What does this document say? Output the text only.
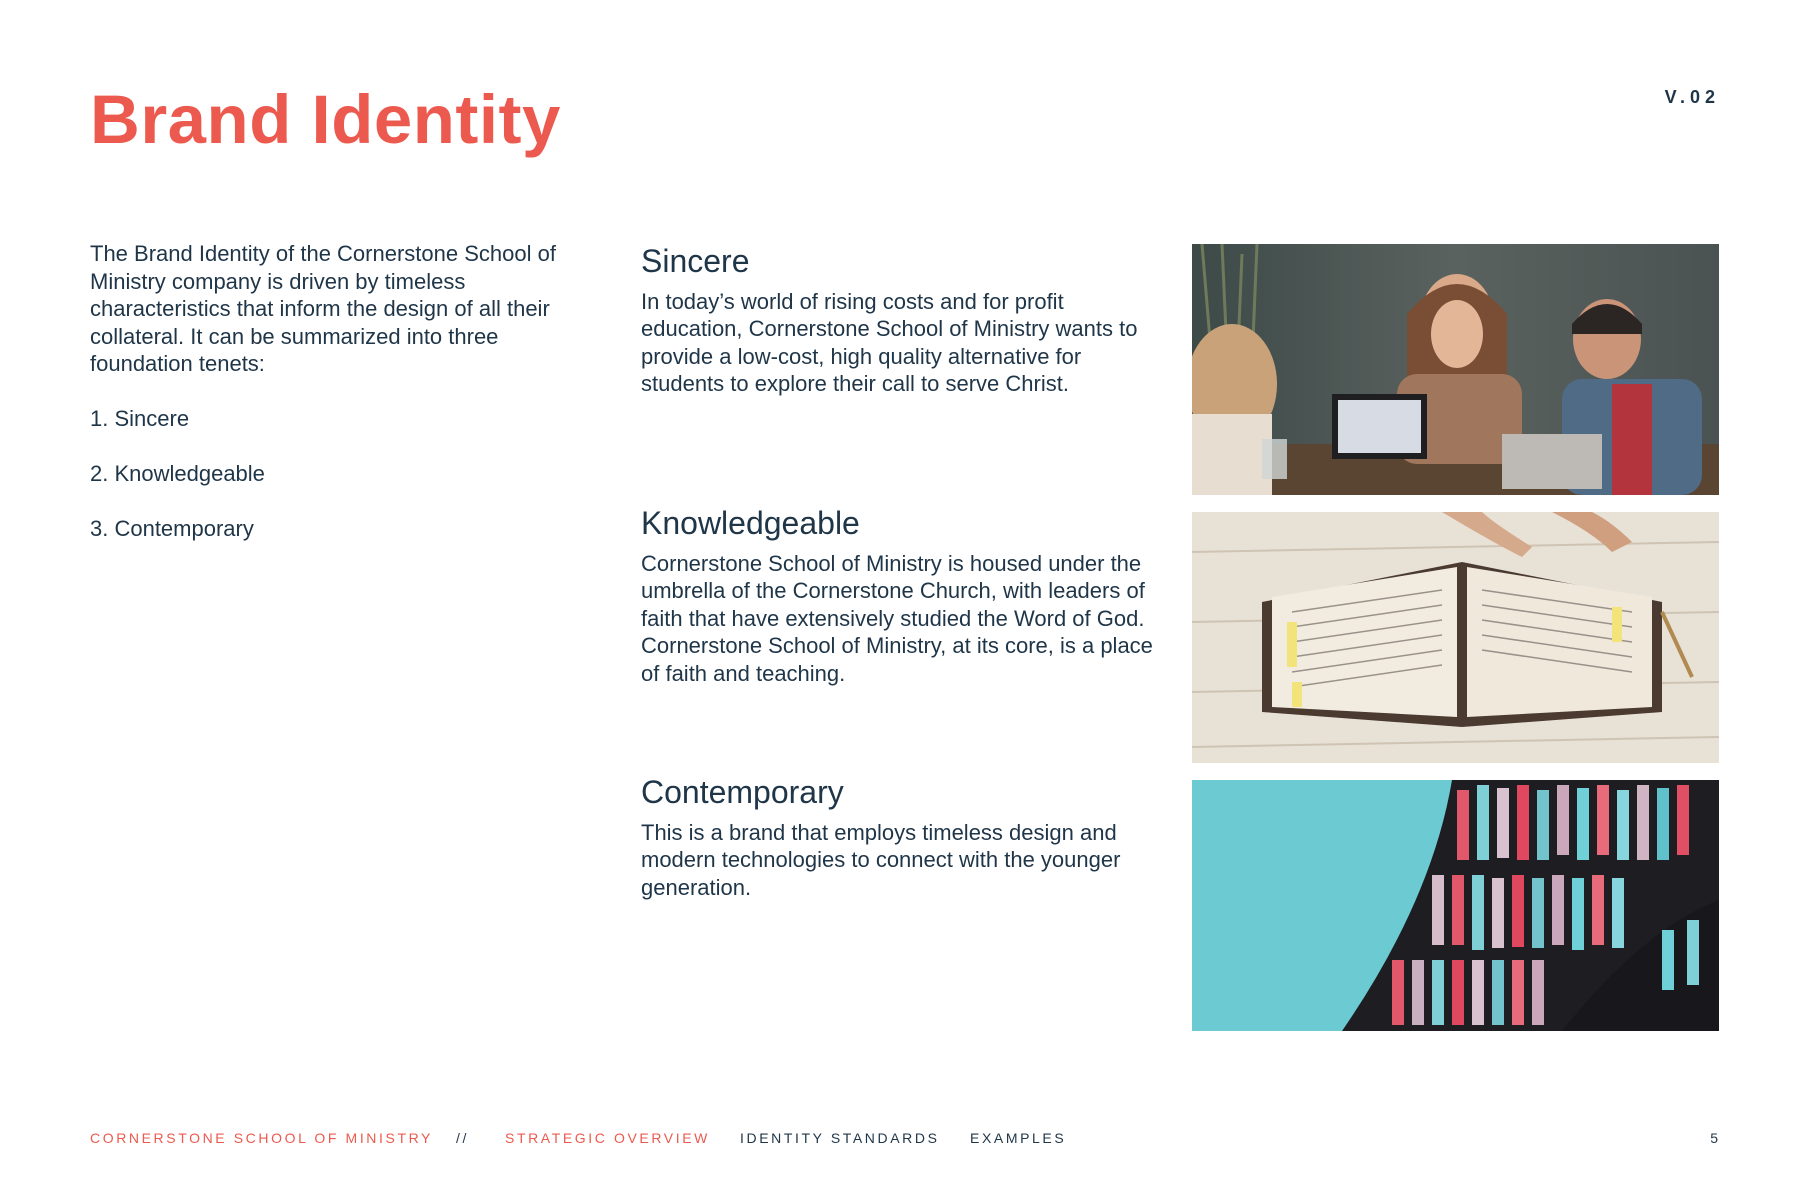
Brand Identity	V.02

The Brand Identity of the Cornerstone School of Ministry company is driven by timeless characteristics that inform the design of all their collateral. It can be summarized into three foundation tenets:

1. Sincere
2. Knowledgeable
3. Contemporary
Sincere

In today’s world of rising costs and for profit education, Cornerstone School of Ministry wants to provide a low-cost, high quality alternative for students to explore their call to serve Christ.

Knowledgeable

Cornerstone School of Ministry is housed under the umbrella of the Cornerstone Church, with leaders of faith that have extensively studied the Word of God. Cornerstone School of Ministry, at its core, is a place of faith and teaching.

Contemporary

This is a brand that employs timeless design and modern technologies to connect with the younger generation.

CORNERSTONE SCHOOL OF MINISTRY //	STRATEGIC OVERVIEW IDENTITY STANDARDS EXAMPLES	5
